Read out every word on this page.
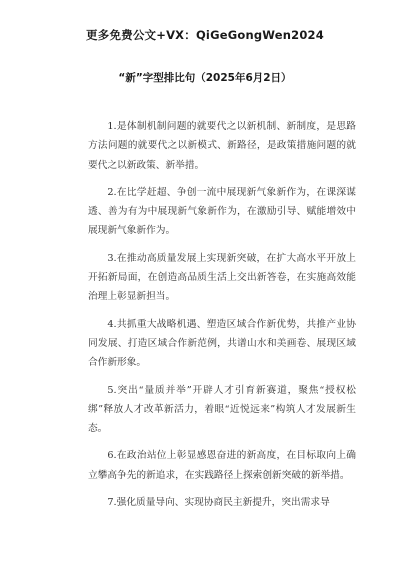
更多免费公文+VX：QiGeGongWen2024
“新”字型排比句（2025年6月2日）

1.是体制机制问题的就要代之以新机制、新制度，是思路方法问题的就要代之以新模式、新路径，是政策措施问题的就要代之以新政策、新举措。

2.在比学赶超、争创一流中展现新气象新作为，在课深谋透、善为有为中展现新气象新作为，在激励引导、赋能增效中展现新气象新作为。

3.在推动高质量发展上实现新突破，在扩大高水平开放上开拓新局面，在创造高品质生活上交出新答卷，在实施高效能治理上彰显新担当。

4.共抓重大战略机遇、塑造区域合作新优势，共推产业协同发展、打造区域合作新范例，共谱山水和美画卷、展现区域合作新形象。

5.突出“量质并举”开辟人才引育新赛道，聚焦“授权松绑”释放人才改革新活力，着眼“近悦远来”构筑人才发展新生态。

6.在政治站位上彰显感恩奋进的新高度，在目标取向上确立攀高争先的新追求，在实践路径上探索创新突破的新举措。

7.强化质量导向、实现协商民主新提升，突出需求导
